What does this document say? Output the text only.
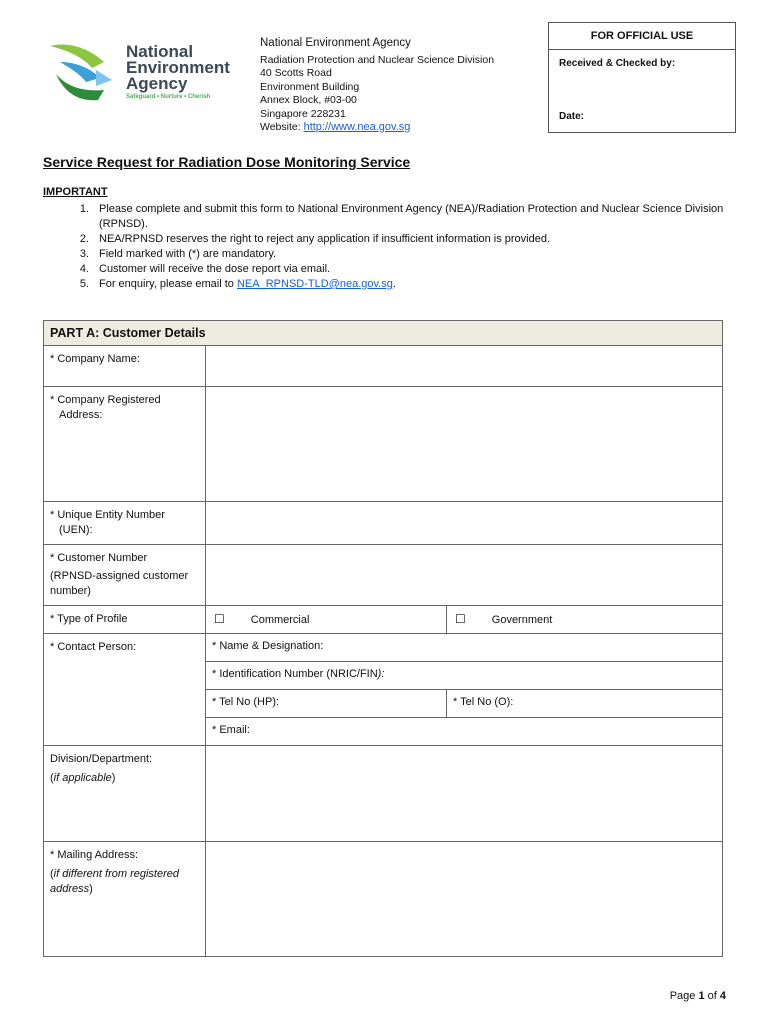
National
Environment
Agency
Safeguard • Nurture • Cherish
National Environment Agency
Radiation Protection and Nuclear Science Division
40 Scotts Road
Environment Building
Annex Block, #03-00
Singapore 228231
Website: http://www.nea.gov.sg
FOR OFFICIAL USE
Received & Checked by:
Date:
Service Request for Radiation Dose Monitoring Service
IMPORTANT
1. Please complete and submit this form to National Environment Agency (NEA)/Radiation Protection and Nuclear Science Division (RPNSD).
2. NEA/RPNSD reserves the right to reject any application if insufficient information is provided.
3. Field marked with (*) are mandatory.
4. Customer will receive the dose report via email.
5. For enquiry, please email to NEA_RPNSD-TLD@nea.gov.sg.
PART A: Customer Details		

* Company Name:		

* Company Registered
Address:		

* Unique Entity Number
(UEN):		

* Customer Number
(RPNSD-assigned customer number)		

* Type of Profile	☐ Commercial	☐ Government

* Contact Person:	* Name & Designation:	
	* Identification Number (NRIC/FIN):	
	* Tel No (HP):	* Tel No (O):
	* Email:	

Division/Department:
(if applicable)		

* Mailing Address:
(if different from registered address)		

Page 1 of 4
